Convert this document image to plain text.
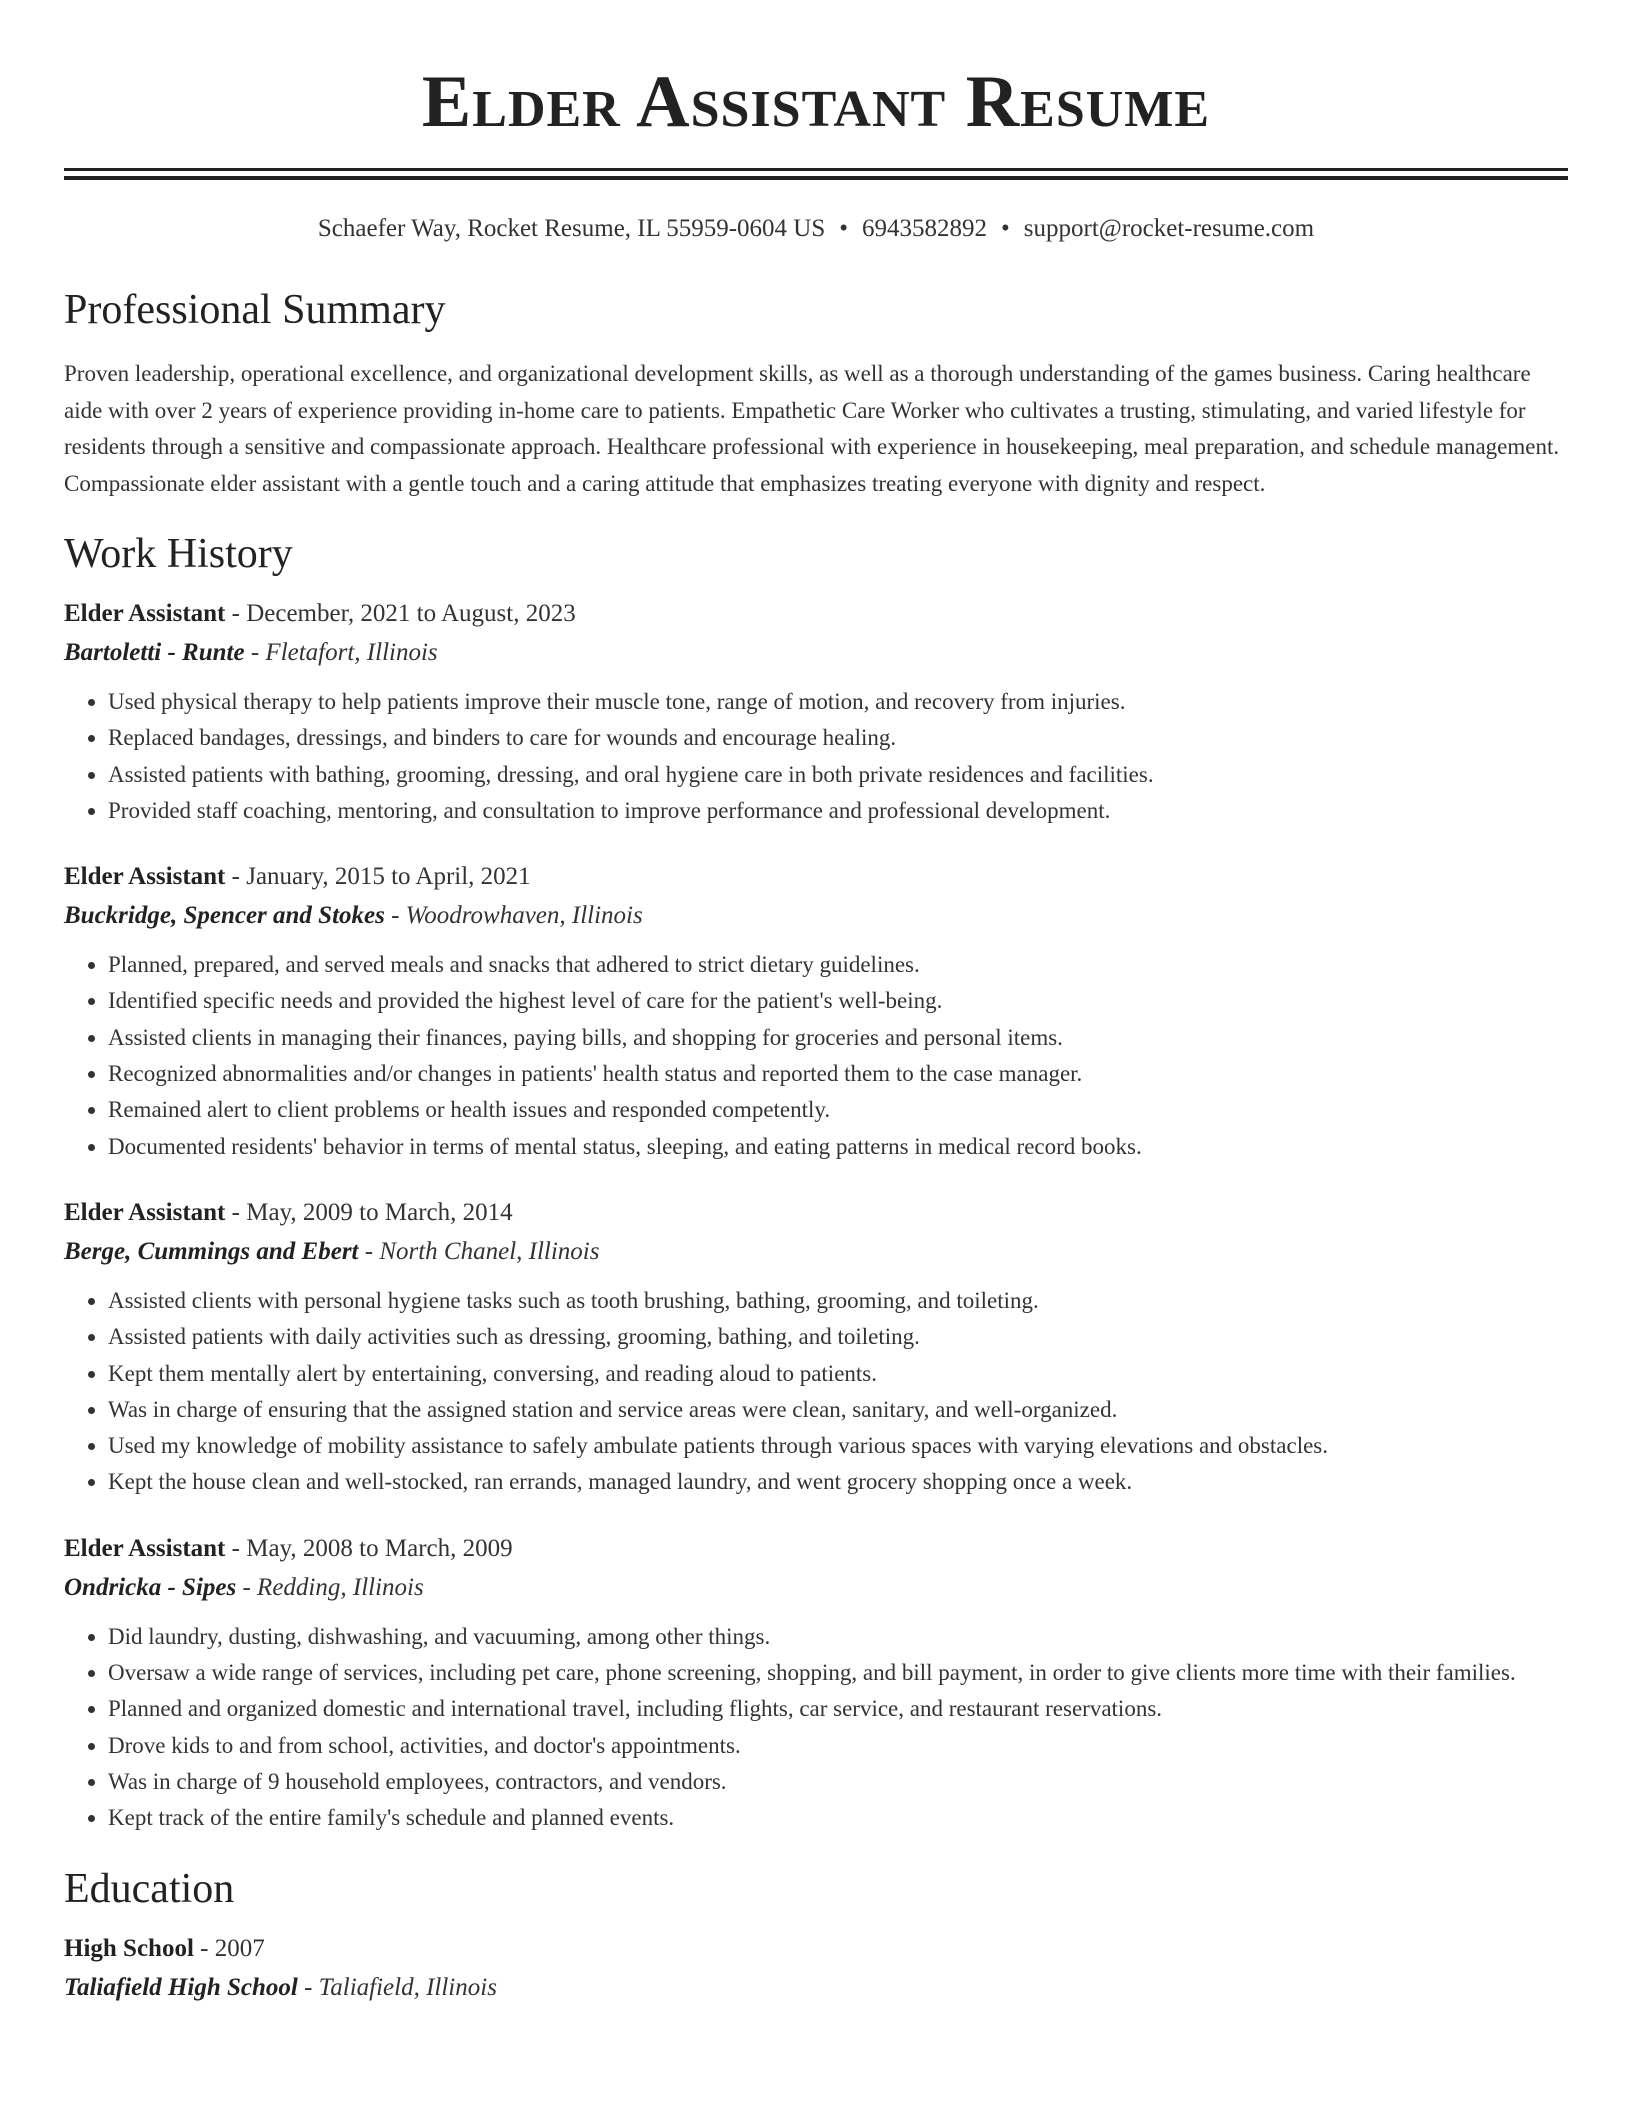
Elder Assistant Resume
Schaefer Way, Rocket Resume, IL 55959-0604 US • 6943582892 • support@rocket-resume.com
Professional Summary

Proven leadership, operational excellence, and organizational development skills, as well as a thorough understanding of the games business. Caring healthcare aide with over 2 years of experience providing in-home care to patients. Empathetic Care Worker who cultivates a trusting, stimulating, and varied lifestyle for residents through a sensitive and compassionate approach. Healthcare professional with experience in housekeeping, meal preparation, and schedule management. Compassionate elder assistant with a gentle touch and a caring attitude that emphasizes treating everyone with dignity and respect.

Work History
Elder Assistant - December, 2021 to August, 2023
Bartoletti - Runte - Fletafort, Illinois
• Used physical therapy to help patients improve their muscle tone, range of motion, and recovery from injuries.
• Replaced bandages, dressings, and binders to care for wounds and encourage healing.
• Assisted patients with bathing, grooming, dressing, and oral hygiene care in both private residences and facilities.
• Provided staff coaching, mentoring, and consultation to improve performance and professional development.
Elder Assistant - January, 2015 to April, 2021
Buckridge, Spencer and Stokes - Woodrowhaven, Illinois
• Planned, prepared, and served meals and snacks that adhered to strict dietary guidelines.
• Identified specific needs and provided the highest level of care for the patient's well-being.
• Assisted clients in managing their finances, paying bills, and shopping for groceries and personal items.
• Recognized abnormalities and/or changes in patients' health status and reported them to the case manager.
• Remained alert to client problems or health issues and responded competently.
• Documented residents' behavior in terms of mental status, sleeping, and eating patterns in medical record books.
Elder Assistant - May, 2009 to March, 2014
Berge, Cummings and Ebert - North Chanel, Illinois
• Assisted clients with personal hygiene tasks such as tooth brushing, bathing, grooming, and toileting.
• Assisted patients with daily activities such as dressing, grooming, bathing, and toileting.
• Kept them mentally alert by entertaining, conversing, and reading aloud to patients.
• Was in charge of ensuring that the assigned station and service areas were clean, sanitary, and well-organized.
• Used my knowledge of mobility assistance to safely ambulate patients through various spaces with varying elevations and obstacles.
• Kept the house clean and well-stocked, ran errands, managed laundry, and went grocery shopping once a week.
Elder Assistant - May, 2008 to March, 2009
Ondricka - Sipes - Redding, Illinois
• Did laundry, dusting, dishwashing, and vacuuming, among other things.
• Oversaw a wide range of services, including pet care, phone screening, shopping, and bill payment, in order to give clients more time with their families.
• Planned and organized domestic and international travel, including flights, car service, and restaurant reservations.
• Drove kids to and from school, activities, and doctor's appointments.
• Was in charge of 9 household employees, contractors, and vendors.
• Kept track of the entire family's schedule and planned events.
Education
High School - 2007
Taliafield High School - Taliafield, Illinois
